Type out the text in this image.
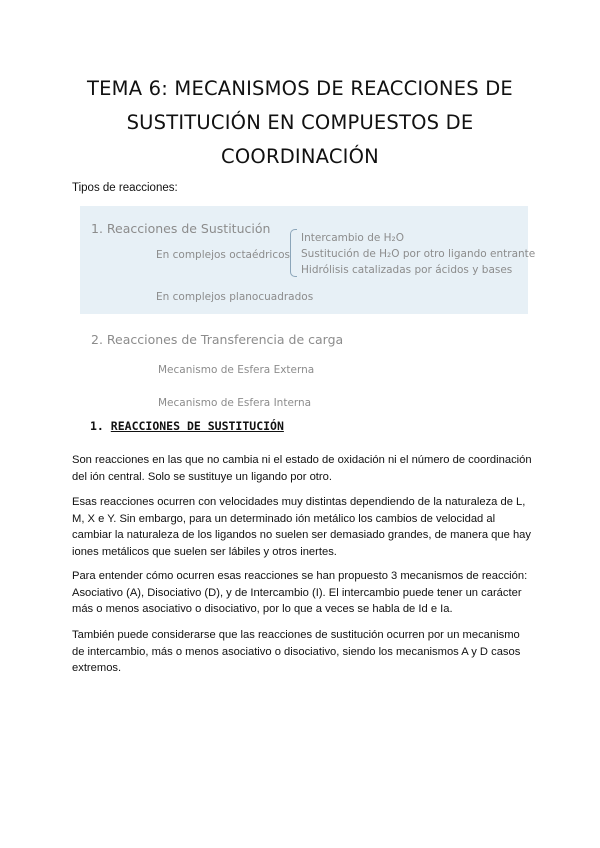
TEMA 6: MECANISMOS DE REACCIONES DE
SUSTITUCIÓN EN COMPUESTOS DE
COORDINACIÓN
Tipos de reacciones:
1. Reacciones de Sustitución
En complejos octaédricos
Intercambio de H₂O
Sustitución de H₂O por otro ligando entrante
Hidrólisis catalizadas por ácidos y bases
En complejos planocuadrados
2. Reacciones de Transferencia de carga
Mecanismo de Esfera Externa
Mecanismo de Esfera Interna
1. REACCIONES DE SUSTITUCIÓN

Son reacciones en las que no cambia ni el estado de oxidación ni el número de coordinación del ión central. Solo se sustituye un ligando por otro.

Esas reacciones ocurren con velocidades muy distintas dependiendo de la naturaleza de L, M, X e Y. Sin embargo, para un determinado ión metálico los cambios de velocidad al cambiar la naturaleza de los ligandos no suelen ser demasiado grandes, de manera que hay iones metálicos que suelen ser lábiles y otros inertes.

Para entender cómo ocurren esas reacciones se han propuesto 3 mecanismos de reacción: Asociativo (A), Disociativo (D), y de Intercambio (I). El intercambio puede tener un carácter más o menos asociativo o disociativo, por lo que a veces se habla de Id e Ia.

También puede considerarse que las reacciones de sustitución ocurren por un mecanismo de intercambio, más o menos asociativo o disociativo, siendo los mecanismos A y D casos extremos.
